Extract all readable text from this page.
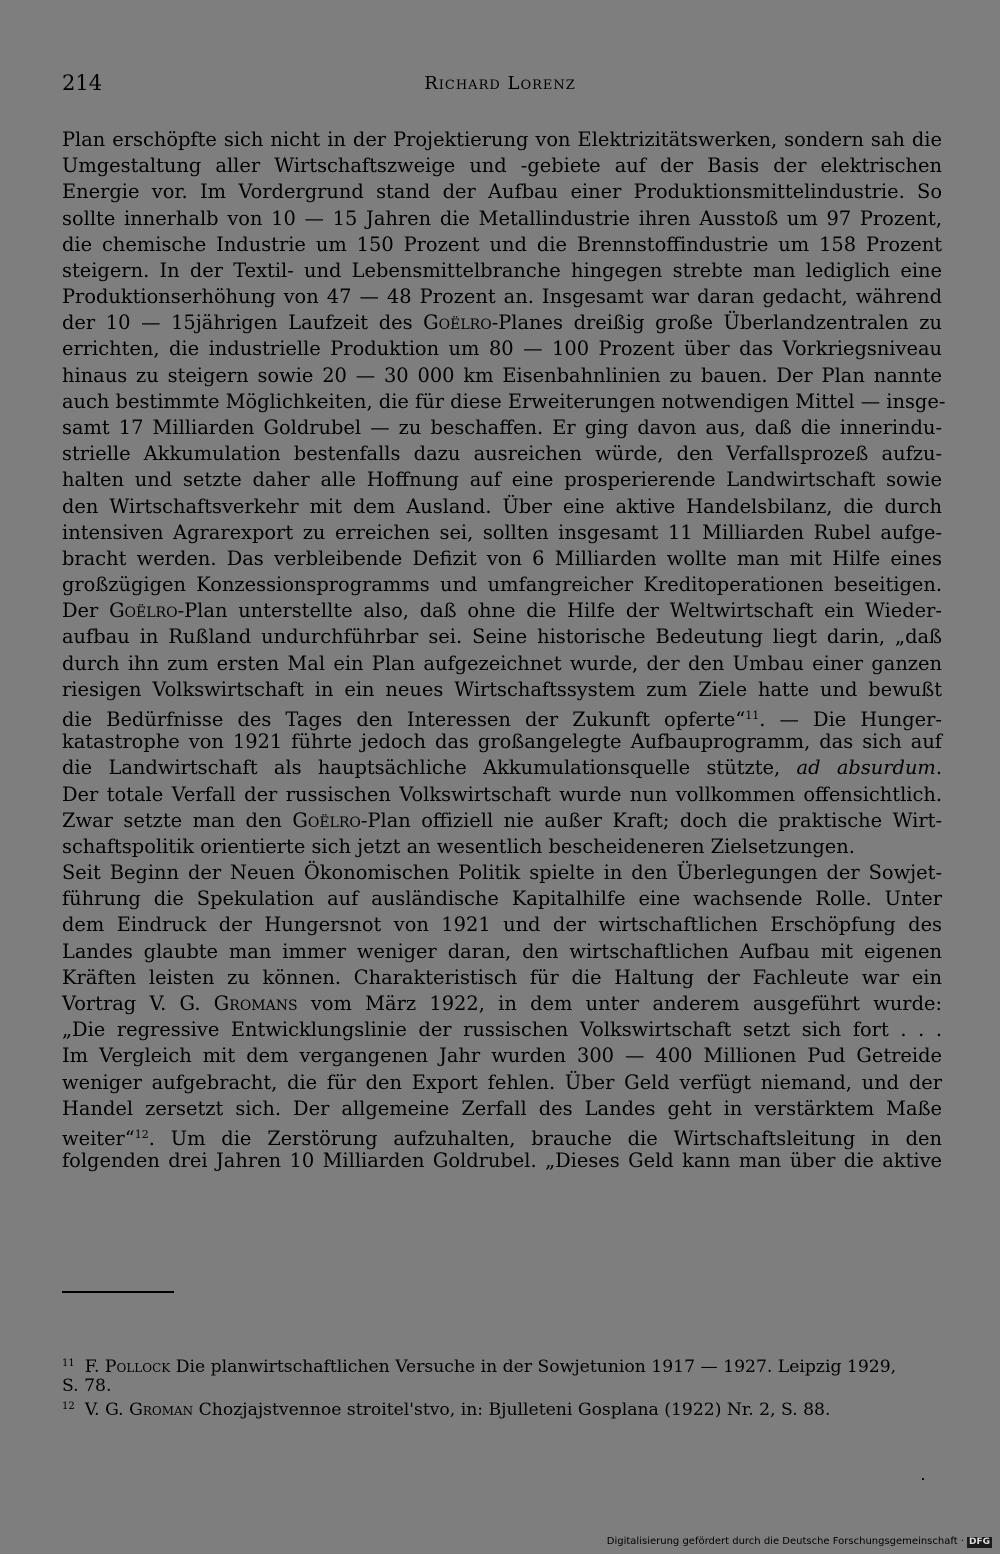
214	Richard Lorenz
Plan erschöpfte sich nicht in der Projektierung von Elektrizitätswerken, sondern sah die
Umgestaltung aller Wirtschaftszweige und -gebiete auf der Basis der elektrischen
Energie vor. Im Vordergrund stand der Aufbau einer Produktionsmittelindustrie. So
sollte innerhalb von 10 — 15 Jahren die Metallindustrie ihren Ausstoß um 97 Prozent,
die chemische Industrie um 150 Prozent und die Brennstoffindustrie um 158 Prozent
steigern. In der Textil- und Lebensmittelbranche hingegen strebte man lediglich eine
Produktionserhöhung von 47 — 48 Prozent an. Insgesamt war daran gedacht, während
der 10 — 15jährigen Laufzeit des Goëlro-Planes dreißig große Überlandzentralen zu
errichten, die industrielle Produktion um 80 — 100 Prozent über das Vorkriegsniveau
hinaus zu steigern sowie 20 — 30 000 km Eisenbahnlinien zu bauen. Der Plan nannte
auch bestimmte Möglichkeiten, die für diese Erweiterungen notwendigen Mittel — insge-
samt 17 Milliarden Goldrubel — zu beschaffen. Er ging davon aus, daß die innerindu-
strielle Akkumulation bestenfalls dazu ausreichen würde, den Verfallsprozeß aufzu-
halten und setzte daher alle Hoffnung auf eine prosperierende Landwirtschaft sowie
den Wirtschaftsverkehr mit dem Ausland. Über eine aktive Handelsbilanz, die durch
intensiven Agrarexport zu erreichen sei, sollten insgesamt 11 Milliarden Rubel aufge-
bracht werden. Das verbleibende Defizit von 6 Milliarden wollte man mit Hilfe eines
großzügigen Konzessionsprogramms und umfangreicher Kreditoperationen beseitigen.
Der Goëlro-Plan unterstellte also, daß ohne die Hilfe der Weltwirtschaft ein Wieder-
aufbau in Rußland undurchführbar sei. Seine historische Bedeutung liegt darin, „daß
durch ihn zum ersten Mal ein Plan aufgezeichnet wurde, der den Umbau einer ganzen
riesigen Volkswirtschaft in ein neues Wirtschaftssystem zum Ziele hatte und bewußt
die Bedürfnisse des Tages den Interessen der Zukunft opferte“$^{11}$. — Die Hunger-
katastrophe von 1921 führte jedoch das großangelegte Aufbauprogramm, das sich auf
die Landwirtschaft als hauptsächliche Akkumulationsquelle stützte, ad absurdum.
Der totale Verfall der russischen Volkswirtschaft wurde nun vollkommen offensichtlich.
Zwar setzte man den Goëlro-Plan offiziell nie außer Kraft; doch die praktische Wirt-
schaftspolitik orientierte sich jetzt an wesentlich bescheideneren Zielsetzungen.
Seit Beginn der Neuen Ökonomischen Politik spielte in den Überlegungen der Sowjet-
führung die Spekulation auf ausländische Kapitalhilfe eine wachsende Rolle. Unter
dem Eindruck der Hungersnot von 1921 und der wirtschaftlichen Erschöpfung des
Landes glaubte man immer weniger daran, den wirtschaftlichen Aufbau mit eigenen
Kräften leisten zu können. Charakteristisch für die Haltung der Fachleute war ein
Vortrag V. G. Gromans vom März 1922, in dem unter anderem ausgeführt wurde:
„Die regressive Entwicklungslinie der russischen Volkswirtschaft setzt sich fort . . .
Im Vergleich mit dem vergangenen Jahr wurden 300 — 400 Millionen Pud Getreide
weniger aufgebracht, die für den Export fehlen. Über Geld verfügt niemand, und der
Handel zersetzt sich. Der allgemeine Zerfall des Landes geht in verstärktem Maße
weiter“$^{12}$. Um die Zerstörung aufzuhalten, brauche die Wirtschaftsleitung in den
folgenden drei Jahren 10 Milliarden Goldrubel. „Dieses Geld kann man über die aktive
$^{11}$ F. Pollock Die planwirtschaftlichen Versuche in der Sowjetunion 1917 — 1927. Leipzig 1929,
S. 78.
$^{12}$ V. G. Groman Chozjajstvennoe stroitel'stvo, in: Bjulleteni Gosplana (1922) Nr. 2, S. 88.
Digitalisierung gefördert durch die Deutsche Forschungsgemeinschaft · DFG
